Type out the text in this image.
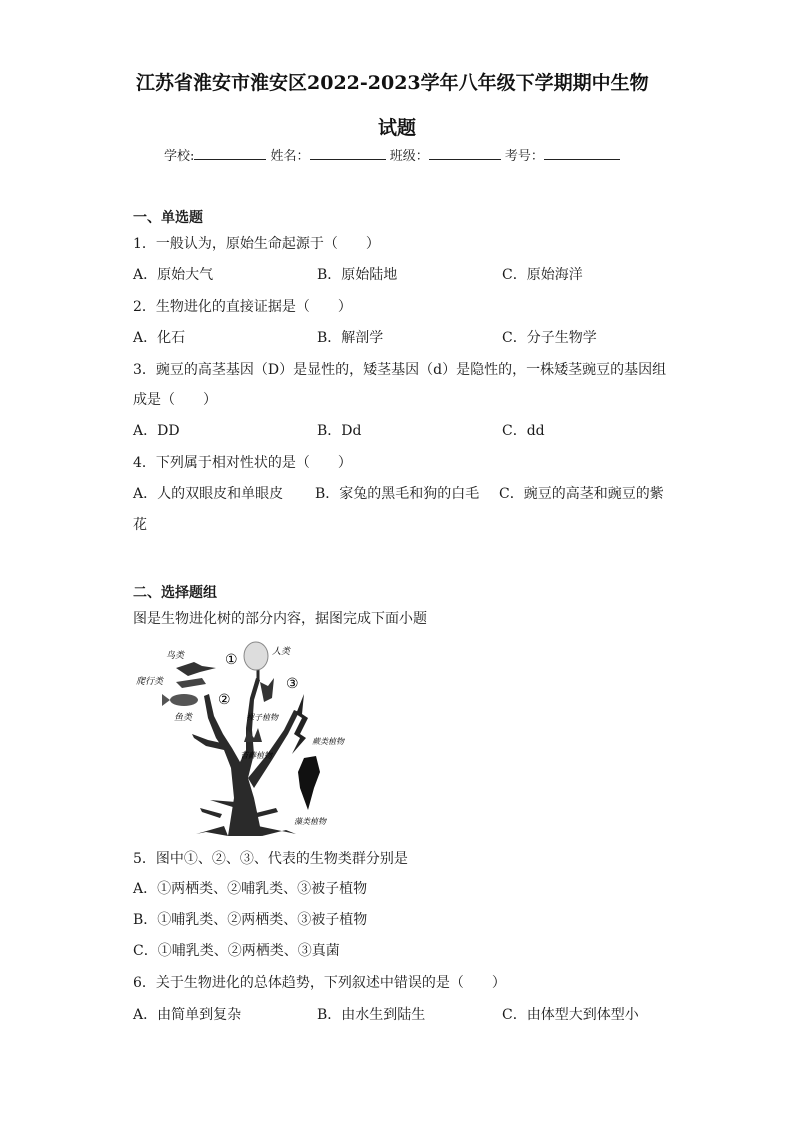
江苏省淮安市淮安区2022-2023学年八年级下学期期中生物
试题
学校:	姓名：	班级：	考号：
一、单选题
1．一般认为，原始生命起源于（　　）
A．原始大气	B．原始陆地	C．原始海洋
2．生物进化的直接证据是（　　）
A．化石	B．解剖学	C．分子生物学
3．豌豆的高茎基因（D）是显性的，矮茎基因（d）是隐性的，一株矮茎豌豆的基因组
成是（　　）
A．DD	B．Dd	C．dd
4．下列属于相对性状的是（　　）
A．人的双眼皮和单眼皮 B．家兔的黑毛和狗的白毛 C．豌豆的高茎和豌豆的紫
花
二、选择题组
图是生物进化树的部分内容，据图完成下面小题
①
②
③
鸟类
爬行类
鱼类
人类
裸子植物
苔藓植物
蕨类植物
藻类植物
5．图中①、②、③、代表的生物类群分别是
A．①两栖类、②哺乳类、③被子植物
B．①哺乳类、②两栖类、③被子植物
C．①哺乳类、②两栖类、③真菌
6．关于生物进化的总体趋势，下列叙述中错误的是（　　）
A．由简单到复杂	B．由水生到陆生	C．由体型大到体型小
